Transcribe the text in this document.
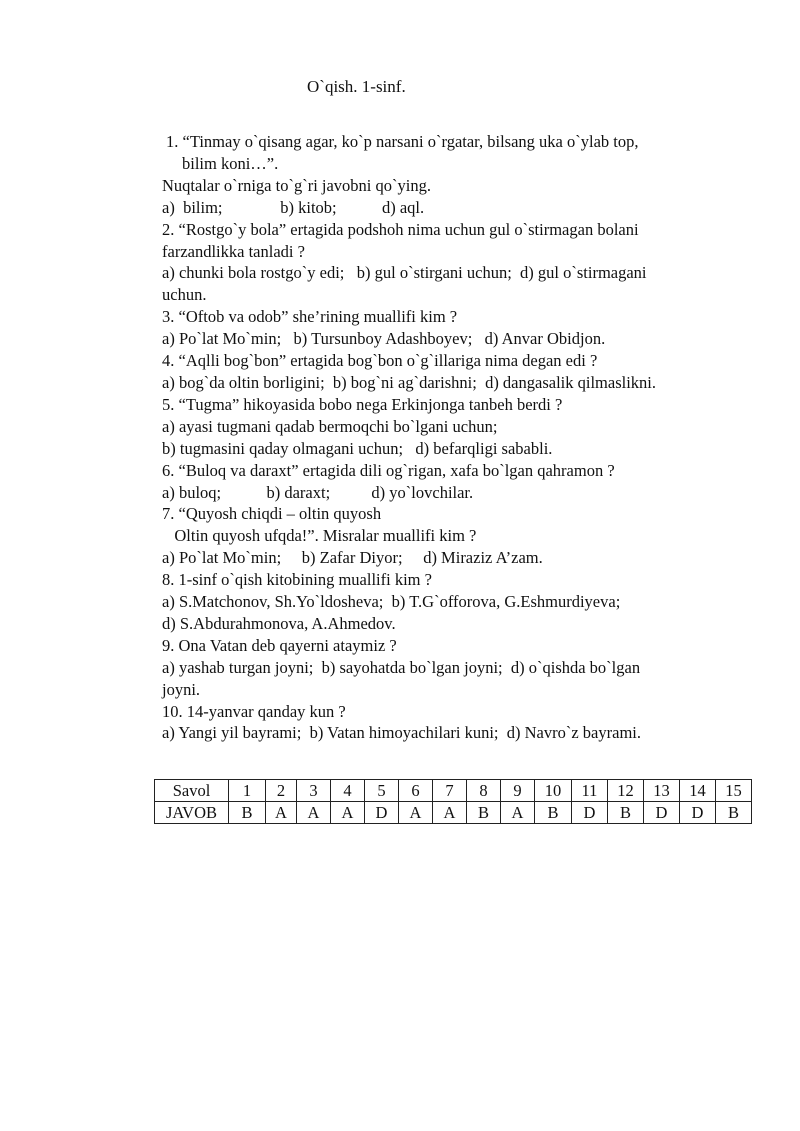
O`qish. 1-sinf.
1. “Tinmay o`qisang agar, ko`p narsani o`rgatar, bilsang uka o`ylab top,
bilim koni…”.
Nuqtalar o`rniga to`g`ri javobni qo`ying.
a)  bilim;              b) kitob;           d) aql.
2. “Rostgo`y bola” ertagida podshoh nima uchun gul o`stirmagan bolani
farzandlikka tanladi ?
a) chunki bola rostgo`y edi;   b) gul o`stirgani uchun;  d) gul o`stirmagani
uchun.
3. “Oftob va odob” she’rining muallifi kim ?
a) Po`lat Mo`min;   b) Tursunboy Adashboyev;   d) Anvar Obidjon.
4. “Aqlli bog`bon” ertagida bog`bon o`g`illariga nima degan edi ?
a) bog`da oltin borligini;  b) bog`ni ag`darishni;  d) dangasalik qilmaslikni.
5. “Tugma” hikoyasida bobo nega Erkinjonga tanbeh berdi ?
a) ayasi tugmani qadab bermoqchi bo`lgani uchun;
b) tugmasini qaday olmagani uchun;   d) befarqligi sababli.
6. “Buloq va daraxt” ertagida dili og`rigan, xafa bo`lgan qahramon ?
a) buloq;           b) daraxt;          d) yo`lovchilar.
7. “Quyosh chiqdi – oltin quyosh
Oltin quyosh ufqda!”. Misralar muallifi kim ?
a) Po`lat Mo`min;     b) Zafar Diyor;     d) Miraziz A’zam.
8. 1-sinf o`qish kitobining muallifi kim ?
a) S.Matchonov, Sh.Yo`ldosheva;  b) T.G`offorova, G.Eshmurdiyeva;
d) S.Abdurahmonova, A.Ahmedov.
9. Ona Vatan deb qayerni ataymiz ?
a) yashab turgan joyni;  b) sayohatda bo`lgan joyni;  d) o`qishda bo`lgan
joyni.
10. 14-yanvar qanday kun ?
a) Yangi yil bayrami;  b) Vatan himoyachilari kuni;  d) Navro`z bayrami.
Savol	1	2	3	4	5	6	7	8	9	10	11	12	13	14	15
JAVOB	B	A	A	A	D	A	A	B	A	B	D	B	D	D	B
